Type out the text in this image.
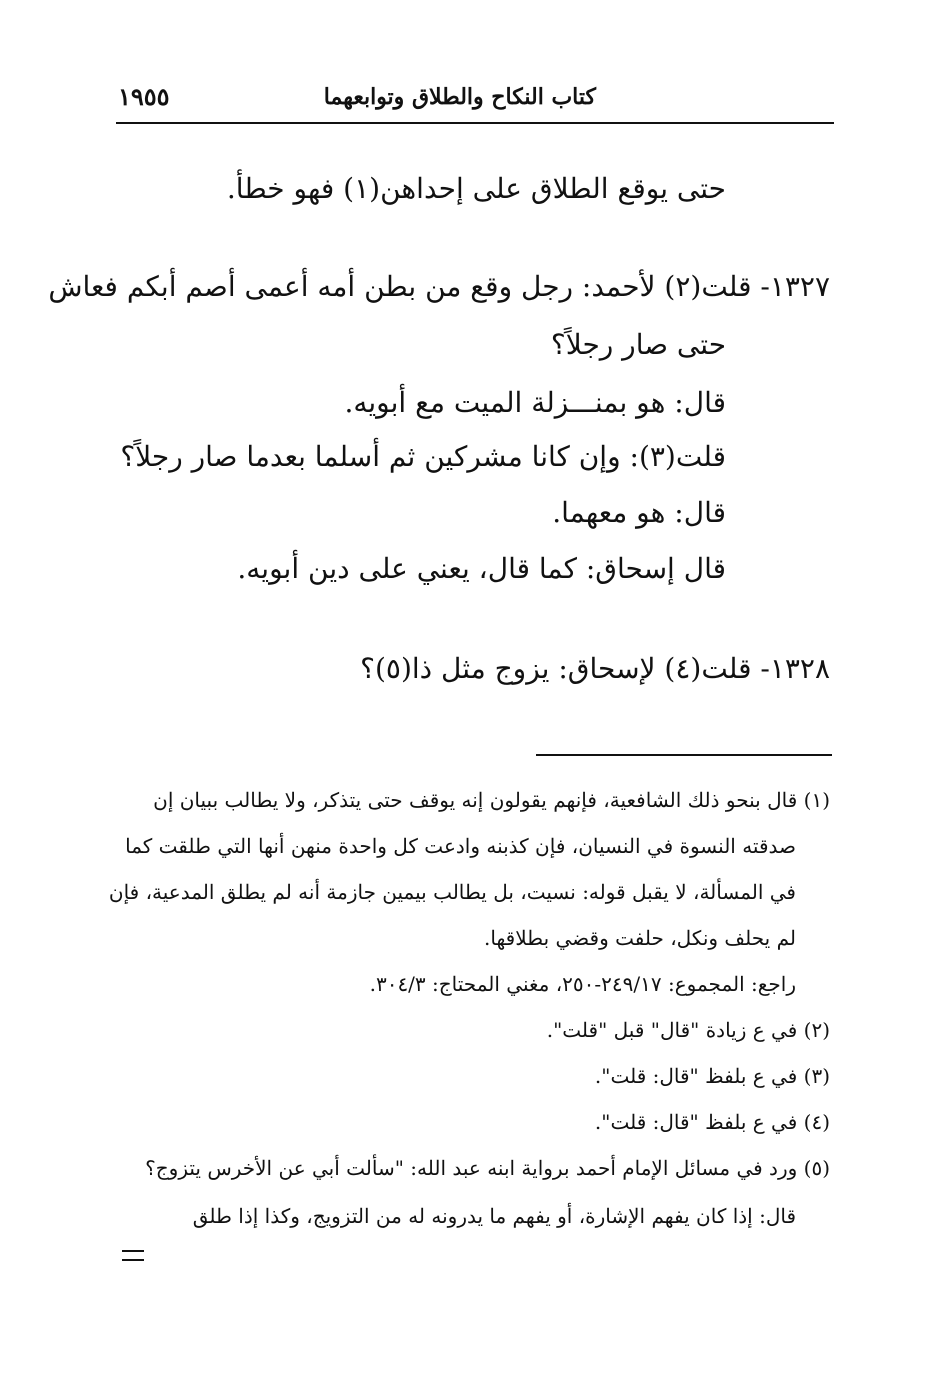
كتاب النكاح والطلاق وتوابعهما
١٩٥٥
حتى يوقع الطلاق على إحداهن(١) فهو خطأ.
١٣٢٧- قلت(٢) لأحمد: رجل وقع من بطن أمه أعمى أصم أبكم فعاش
حتى صار رجلاً؟
قال: هو بمنـــزلة الميت مع أبويه.
قلت(٣): وإن كانا مشركين ثم أسلما بعدما صار رجلاً؟
قال: هو معهما.
قال إسحاق: كما قال، يعني على دين أبويه.
١٣٢٨- قلت(٤) لإسحاق: يزوج مثل ذا(٥)؟
(١) قال بنحو ذلك الشافعية، فإنهم يقولون إنه يوقف حتى يتذكر، ولا يطالب ببيان إن
صدقته النسوة في النسيان، فإن كذبنه وادعت كل واحدة منهن أنها التي طلقت كما
في المسألة، لا يقبل قوله: نسيت، بل يطالب بيمين جازمة أنه لم يطلق المدعية، فإن
لم يحلف ونكل، حلفت وقضي بطلاقها.
راجع: المجموع: ٢٤٩/١٧-٢٥٠، مغني المحتاج: ٣٠٤/٣.
(٢) في ع زيادة "قال" قبل "قلت".
(٣) في ع بلفظ "قال: قلت".
(٤) في ع بلفظ "قال: قلت".
(٥) ورد في مسائل الإمام أحمد برواية ابنه عبد الله: "سألت أبي عن الأخرس يتزوج؟
قال: إذا كان يفهم الإشارة، أو يفهم ما يدرونه له من التزويج، وكذا إذا طلق
